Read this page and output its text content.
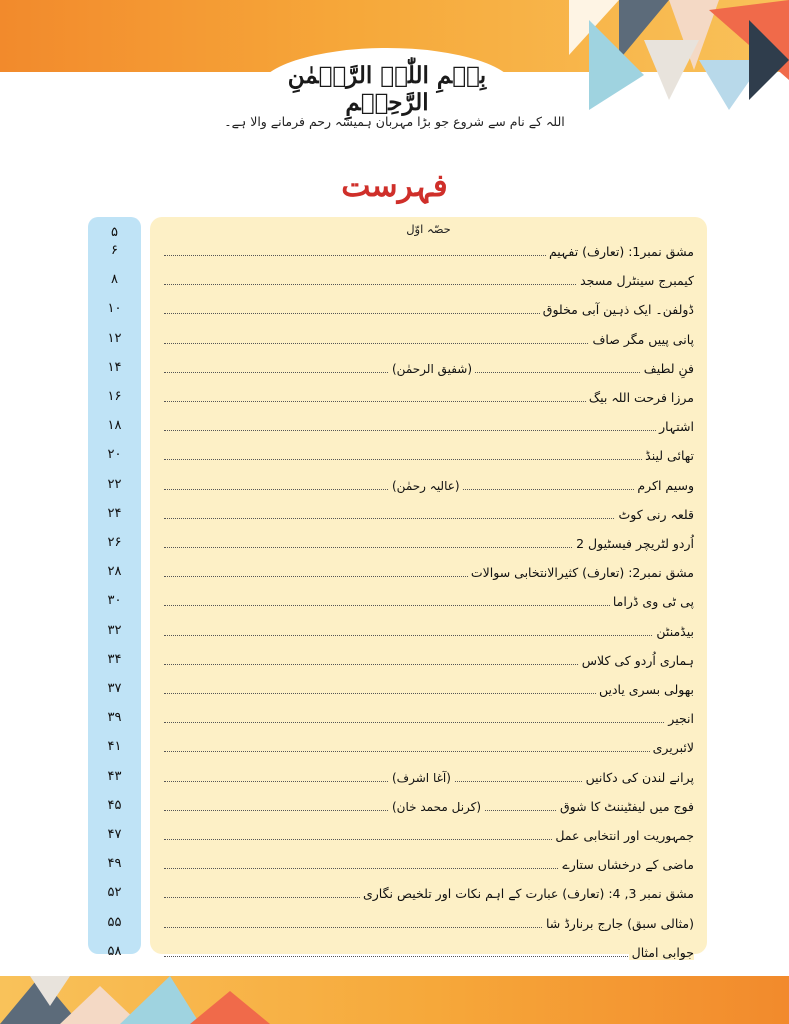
بِسۡمِ اللّٰہِ الرَّحۡمٰنِ الرَّحِیۡمِ
اللہ کے نام سے شروع جو بڑا مہربان ہمیشہ رحم فرمانے والا ہے۔
فہرست
۵
۶
۸
۱۰
۱۲
۱۴
۱۶
۱۸
۲۰
۲۲
۲۴
۲۶
۲۸
۳۰
۳۲
۳۴
۳۷
۳۹
۴۱
۴۳
۴۵
۴۷
۴۹
۵۲
۵۵
۵۸
حصّہ اوّل
مشق نمبر1: (تعارف) تفہیم
کیمبرج سینٹرل مسجد
ڈولفن۔ ایک ذہین آبی مخلوق
پانی پییں مگر صاف
فنِ لطیف
(شفیق الرحمٰن)
مرزا فرحت اللہ بیگ
اشتہار
تھائی لینڈ
وسیم اکرم
(عالیہ رحمٰن)
قلعہ رنی کوٹ
اُردو لٹریچر فیسٹیول 2
مشق نمبر2: (تعارف) کثیرالانتخابی سوالات
پی ٹی وی ڈراما
بیڈمنٹن
ہماری اُردو کی کلاس
بھولی بسری یادیں
انجیر
لائبریری
پرانے لندن کی دکانیں
(آغا اشرف)
فوج میں لیفٹیننٹ کا شوق
(کرنل محمد خان)
جمہوریت اور انتخابی عمل
ماضی کے درخشاں ستارے
مشق نمبر 3, 4: (تعارف) عبارت کے اہم نکات اور تلخیص نگاری
(مثالی سبق) جارج برنارڈ شا
جوابی امثال
